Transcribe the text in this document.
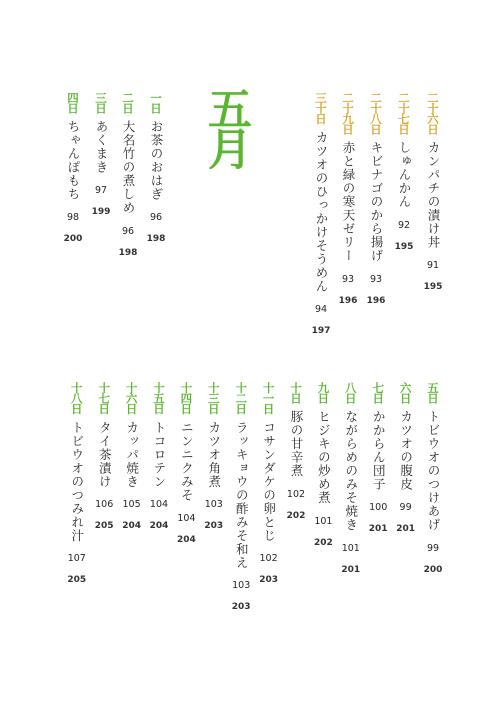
五月	二十六日
カンパチの漬け丼
91
195
二十七日
しゅんかん
92
195
二十八日
キビナゴのから揚げ
93
196
二十九日
赤と緑の寒天ゼリー
93
196
三十日
カツオのひっかけそうめん
94
197
一日
お茶のおはぎ
96
198
二日
大名竹の煮しめ
96
198
三日
あくまき
97
199
四日
ちゃんぽもち
98
200
五日
トビウオのつけあげ
99
200
六日
カツオの腹皮
99
201
七日
かからん団子
100
201
八日
ながらめのみそ焼き
101
201
九日
ヒジキの炒め煮
101
202
十日
豚の甘辛煮
102
202
十一日
コサンダケの卵とじ
102
203
十二日
ラッキョウの酢みそ和え
103
203
十三日
カツオ角煮
103
203
十四日
ニンニクみそ
104
204
十五日
トコロテン
104
204
十六日
カッパ焼き
105
204
十七日
タイ茶漬け
106
205
十八日
トビウオのつみれ汁
107
205
